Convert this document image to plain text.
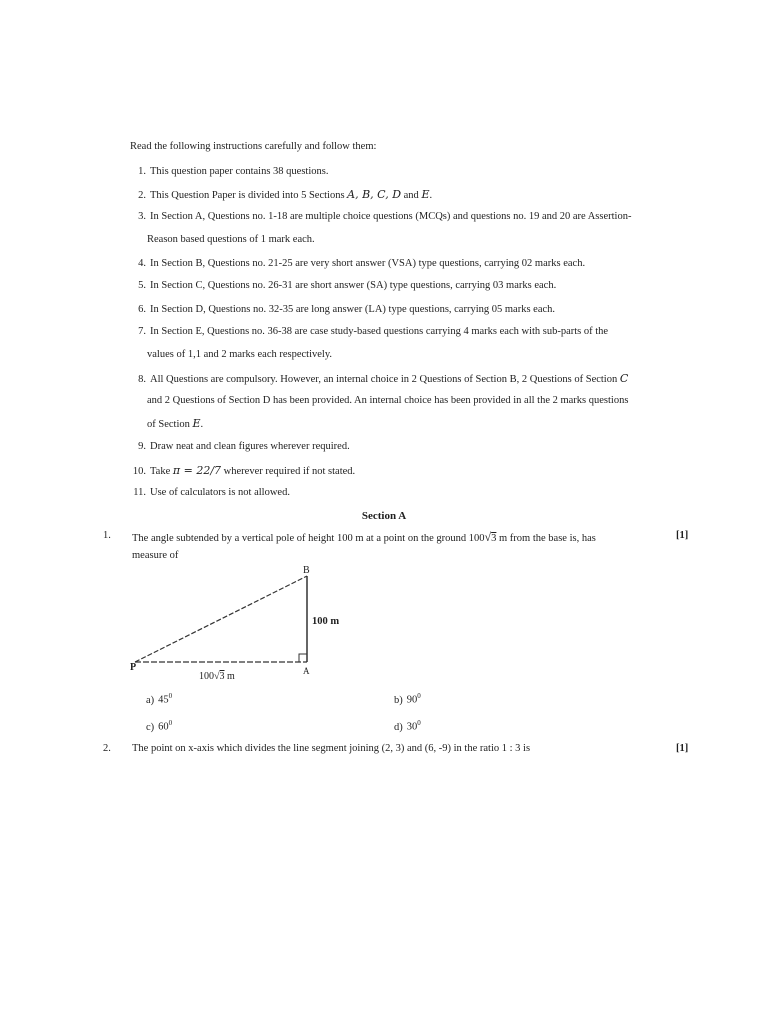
Read the following instructions carefully and follow them:
1. This question paper contains 38 questions.
2. This Question Paper is divided into 5 Sections A, B, C, D and E.
3. In Section A, Questions no. 1-18 are multiple choice questions (MCQs) and questions no. 19 and 20 are Assertion-
Reason based questions of 1 mark each.
4. In Section B, Questions no. 21-25 are very short answer (VSA) type questions, carrying 02 marks each.
5. In Section C, Questions no. 26-31 are short answer (SA) type questions, carrying 03 marks each.
6. In Section D, Questions no. 32-35 are long answer (LA) type questions, carrying 05 marks each.
7. In Section E, Questions no. 36-38 are case study-based questions carrying 4 marks each with sub-parts of the
values of 1,1 and 2 marks each respectively.
8. All Questions are compulsory. However, an internal choice in 2 Questions of Section B, 2 Questions of Section C
and 2 Questions of Section D has been provided. An internal choice has been provided in all the 2 marks questions
of Section E.
9. Draw neat and clean figures wherever required.
10. Take π = 22/7 wherever required if not stated.
11. Use of calculators is not allowed.
Section A
1. The angle subtended by a vertical pole of height 100 m at a point on the ground 100√3 m from the base is, has	[1]
measure of
B
P	A
100 m
100√3 m
a) $45^0$	b) $90^0$
c) $60^0$	d) $30^0$
2. The point on x-axis which divides the line segment joining (2, 3) and (6, -9) in the ratio 1 : 3 is	[1]
